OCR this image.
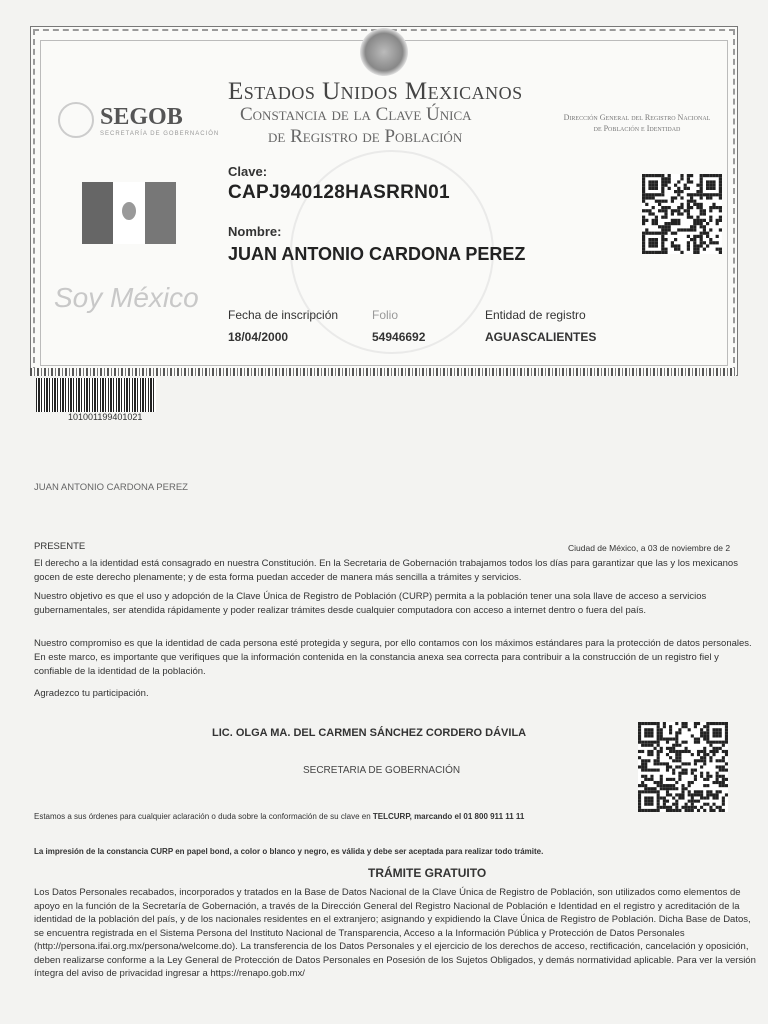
SEGOB
SECRETARÍA DE GOBERNACIÓN
Estados Unidos Mexicanos
Constancia de la Clave Única
de Registro de Población
Dirección General del Registro Nacional de Población e Identidad
Soy México
Clave:
CAPJ940128HASRRN01
Nombre:
JUAN ANTONIO CARDONA PEREZ
Fecha de inscripción
18/04/2000
Folio
54946692
Entidad de registro
AGUASCALIENTES
101001199401021
JUAN ANTONIO CARDONA PEREZ
PRESENTE	Ciudad de México, a 03 de noviembre de 2
El derecho a la identidad está consagrado en nuestra Constitución. En la Secretaria de Gobernación trabajamos todos los días para garantizar que las y los mexicanos gocen de este derecho plenamente; y de esta forma puedan acceder de manera más sencilla a trámites y servicios.
Nuestro objetivo es que el uso y adopción de la Clave Única de Registro de Población (CURP) permita a la población tener una sola llave de acceso a servicios gubernamentales, ser atendida rápidamente y poder realizar trámites desde cualquier computadora con acceso a internet dentro o fuera del país.
Nuestro compromiso es que la identidad de cada persona esté protegida y segura, por ello contamos con los máximos estándares para la protección de datos personales. En este marco, es importante que verifiques que la información contenida en la constancia anexa sea correcta para contribuir a la construcción de un registro fiel y confiable de la identidad de la población.
Agradezco tu participación.
LIC. OLGA MA. DEL CARMEN SÁNCHEZ CORDERO DÁVILA
SECRETARIA DE GOBERNACIÓN
Estamos a sus órdenes para cualquier aclaración o duda sobre la conformación de su clave en TELCURP, marcando el 01 800 911 11 11
La impresión de la constancia CURP en papel bond, a color o blanco y negro, es válida y debe ser aceptada para realizar todo trámite.
TRÁMITE GRATUITO
Los Datos Personales recabados, incorporados y tratados en la Base de Datos Nacional de la Clave Única de Registro de Población, son utilizados como elementos de apoyo en la función de la Secretaría de Gobernación, a través de la Dirección General del Registro Nacional de Población e Identidad en el registro y acreditación de la identidad de la población del país, y de los nacionales residentes en el extranjero; asignando y expidiendo la Clave Única de Registro de Población. Dicha Base de Datos, se encuentra registrada en el Sistema Persona del Instituto Nacional de Transparencia, Acceso a la Información Pública y Protección de Datos Personales (http://persona.ifai.org.mx/persona/welcome.do). La transferencia de los Datos Personales y el ejercicio de los derechos de acceso, rectificación, cancelación y oposición, deben realizarse conforme a la Ley General de Protección de Datos Personales en Posesión de los Sujetos Obligados, y demás normatividad aplicable. Para ver la versión íntegra del aviso de privacidad ingresar a https://renapo.gob.mx/
